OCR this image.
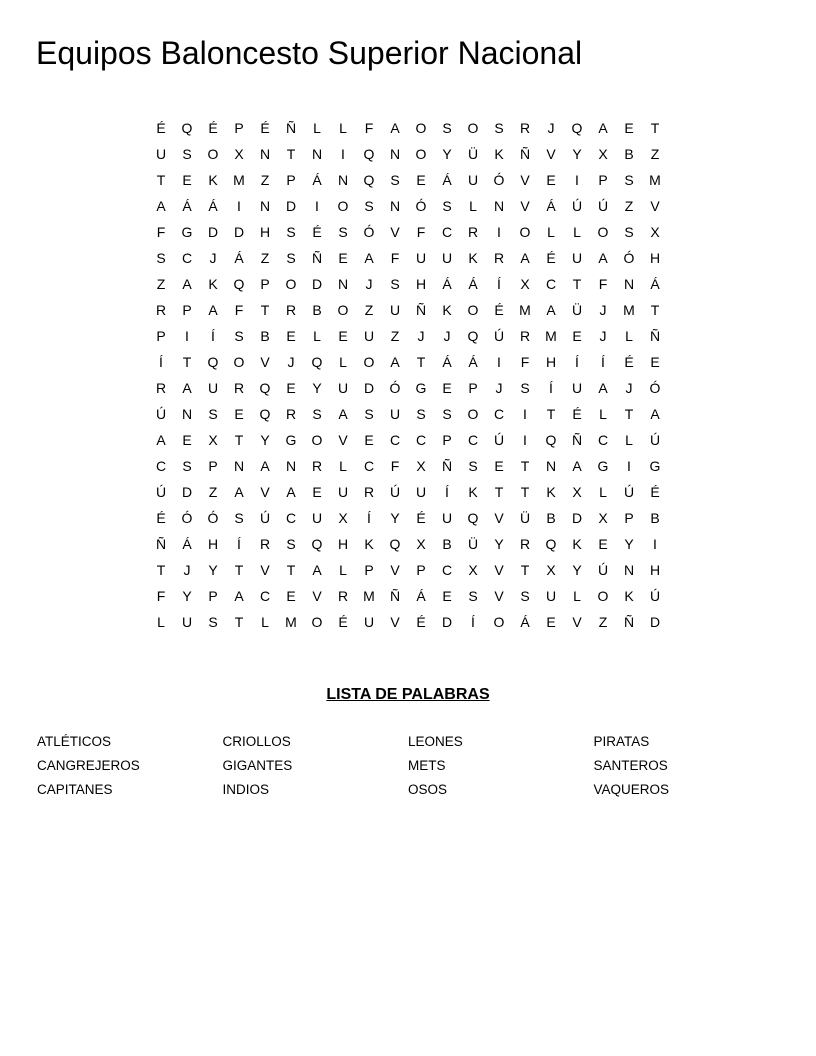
Equipos Baloncesto Superior Nacional
É	Q	É	P	É	Ñ	L	L	F	A	O	S	O	S	R	J	Q	A	E	T
U	S	O	X	N	T	N	I	Q	N	O	Y	Ü	K	Ñ	V	Y	X	B	Z
T	E	K	M	Z	P	Á	N	Q	S	E	Á	U	Ó	V	E	I	P	S	M
A	Á	Á	I	N	D	I	O	S	N	Ó	S	L	N	V	Á	Ú	Ú	Z	V
F	G	D	D	H	S	É	S	Ó	V	F	C	R	I	O	L	L	O	S	X
S	C	J	Á	Z	S	Ñ	E	A	F	U	U	K	R	A	É	U	A	Ó	H
Z	A	K	Q	P	O	D	N	J	S	H	Á	Á	Í	X	C	T	F	N	Á
R	P	A	F	T	R	B	O	Z	U	Ñ	K	O	É	M	A	Ü	J	M	T
P	I	Í	S	B	E	L	E	U	Z	J	J	Q	Ú	R	M	E	J	L	Ñ
Í	T	Q	O	V	J	Q	L	O	A	T	Á	Á	I	F	H	Í	Í	É	E
R	A	U	R	Q	E	Y	U	D	Ó	G	E	P	J	S	Í	U	A	J	Ó
Ú	N	S	E	Q	R	S	A	S	U	S	S	O	C	I	T	É	L	T	A
A	E	X	T	Y	G	O	V	E	C	C	P	C	Ú	I	Q	Ñ	C	L	Ú
C	S	P	N	A	N	R	L	C	F	X	Ñ	S	E	T	N	A	G	I	G
Ú	D	Z	A	V	A	E	U	R	Ú	U	Í	K	T	T	K	X	L	Ú	É
É	Ó	Ó	S	Ú	C	U	X	Í	Y	É	U	Q	V	Ü	B	D	X	P	B
Ñ	Á	H	Í	R	S	Q	H	K	Q	X	B	Ü	Y	R	Q	K	E	Y	I
T	J	Y	T	V	T	A	L	P	V	P	C	X	V	T	X	Y	Ú	N	H
F	Y	P	A	C	E	V	R	M	Ñ	Á	E	S	V	S	U	L	O	K	Ú
L	U	S	T	L	M	O	É	U	V	É	D	Í	O	Á	E	V	Z	Ñ	D
LISTA DE PALABRAS
ATLÉTICOS	CRIOLLOS	LEONES	PIRATAS
CANGREJEROS	GIGANTES	METS	SANTEROS
CAPITANES	INDIOS	OSOS	VAQUEROS
